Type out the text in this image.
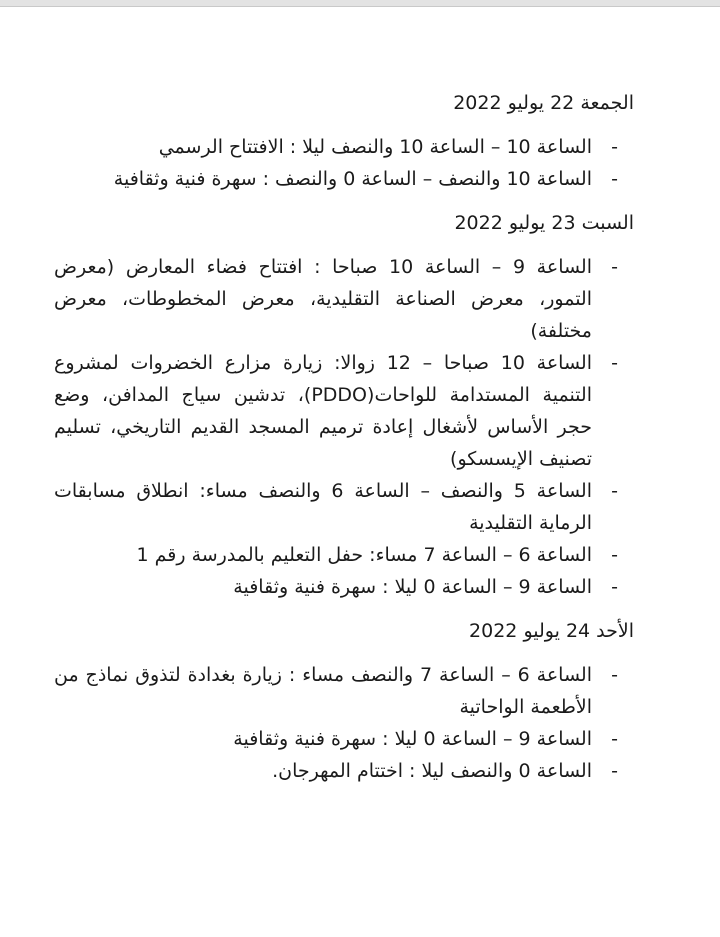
الجمعة 22 يوليو 2022
-
الساعة 10 – الساعة 10 والنصف ليلا : الافتتاح الرسمي
-
الساعة 10 والنصف – الساعة 0 والنصف : سهرة فنية وثقافية
السبت 23 يوليو 2022
-
الساعة 9 – الساعة 10 صباحا : افتتاح فضاء المعارض (معرض التمور، معرض الصناعة التقليدية، معرض المخطوطات، معرض مختلفة)
-
الساعة 10 صباحا – 12 زوالا: زيارة مزارع الخضروات لمشروع التنمية المستدامة للواحات(PDDO)، تدشين سياج المدافن، وضع حجر الأساس لأشغال إعادة ترميم المسجد القديم التاريخي، تسليم تصنيف الإيسسكو)
-
الساعة 5 والنصف – الساعة 6 والنصف مساء: انطلاق مسابقات الرماية التقليدية
-
الساعة 6 – الساعة 7 مساء: حفل التعليم بالمدرسة رقم 1
-
الساعة 9 – الساعة 0 ليلا : سهرة فنية وثقافية
الأحد 24 يوليو 2022
-
الساعة 6 – الساعة 7 والنصف مساء : زيارة بغدادة لتذوق نماذج من الأطعمة الواحاتية
-
الساعة 9 – الساعة 0 ليلا : سهرة فنية وثقافية
-
الساعة 0 والنصف ليلا : اختتام المهرجان.
